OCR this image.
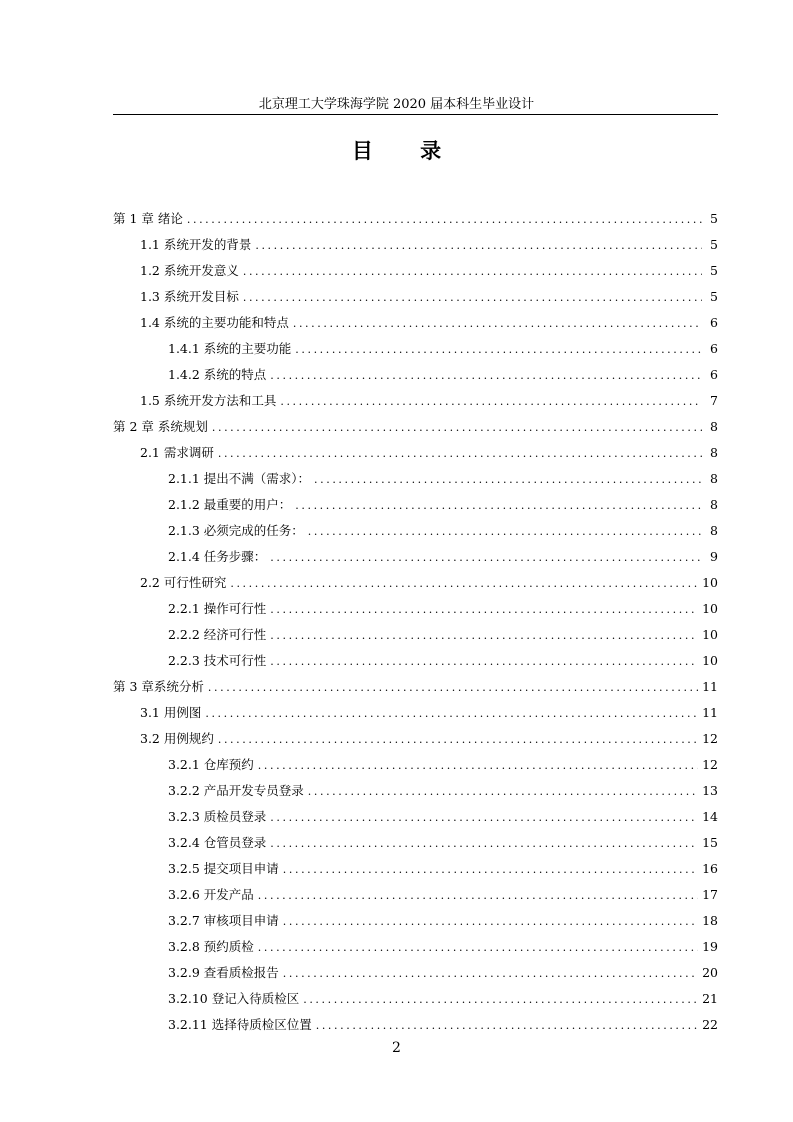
北京理工大学珠海学院 2020 届本科生毕业设计
目 录
第 1 章 绪论 .....	5
1.1 系统开发的背景 .....	5
1.2 系统开发意义 .....	5
1.3 系统开发目标 .....	5
1.4 系统的主要功能和特点 .....	6
1.4.1 系统的主要功能 .....	6
1.4.2 系统的特点 .....	6
1.5 系统开发方法和工具 .....	7
第 2 章 系统规划 .....	8
2.1 需求调研 .....	8
2.1.1 提出不满（需求）： .....	8
2.1.2 最重要的用户： .....	8
2.1.3 必须完成的任务： .....	8
2.1.4 任务步骤： .....	9
2.2 可行性研究 .....	10
2.2.1 操作可行性 .....	10
2.2.2 经济可行性 .....	10
2.2.3 技术可行性 .....	10
第 3 章系统分析 .....	11
3.1 用例图 .....	11
3.2 用例规约 .....	12
3.2.1 仓库预约 .....	12
3.2.2 产品开发专员登录 .....	13
3.2.3 质检员登录 .....	14
3.2.4 仓管员登录 .....	15
3.2.5 提交项目申请 .....	16
3.2.6 开发产品 .....	17
3.2.7 审核项目申请 .....	18
3.2.8 预约质检 .....	19
3.2.9 查看质检报告 .....	20
3.2.10 登记入待质检区 .....	21
3.2.11 选择待质检区位置 .....	22
2
